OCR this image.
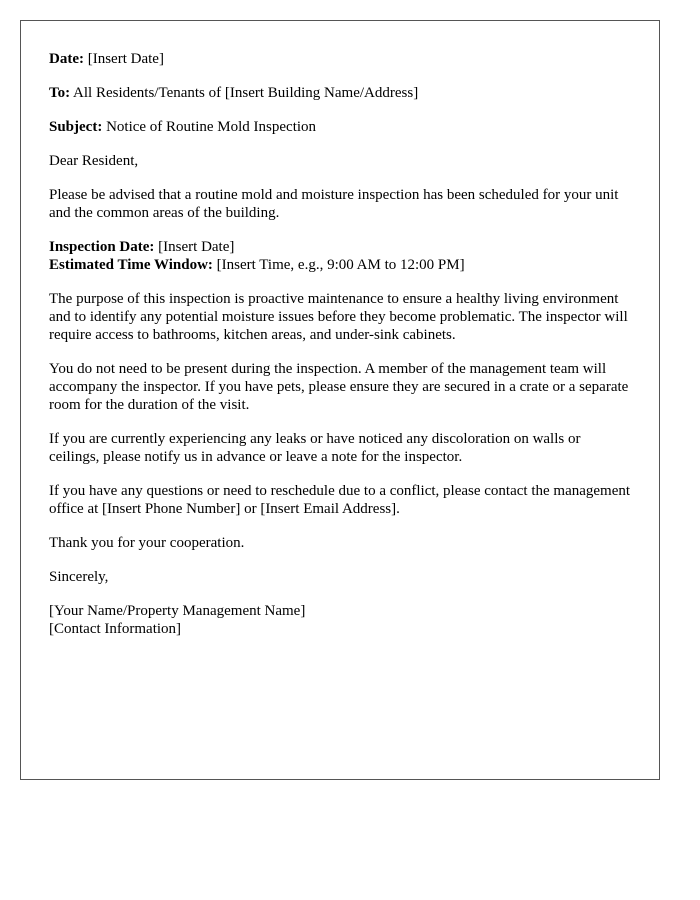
Date: [Insert Date]

To: All Residents/Tenants of [Insert Building Name/Address]

Subject: Notice of Routine Mold Inspection

Dear Resident,

Please be advised that a routine mold and moisture inspection has been scheduled for your unit and the common areas of the building.

Inspection Date: [Insert Date]

Estimated Time Window: [Insert Time, e.g., 9:00 AM to 12:00 PM]

The purpose of this inspection is proactive maintenance to ensure a healthy living environment and to identify any potential moisture issues before they become problematic. The inspector will require access to bathrooms, kitchen areas, and under-sink cabinets.

You do not need to be present during the inspection. A member of the management team will accompany the inspector. If you have pets, please ensure they are secured in a crate or a separate room for the duration of the visit.

If you are currently experiencing any leaks or have noticed any discoloration on walls or ceilings, please notify us in advance or leave a note for the inspector.

If you have any questions or need to reschedule due to a conflict, please contact the management office at [Insert Phone Number] or [Insert Email Address].

Thank you for your cooperation.

Sincerely,

[Your Name/Property Management Name]

[Contact Information]
